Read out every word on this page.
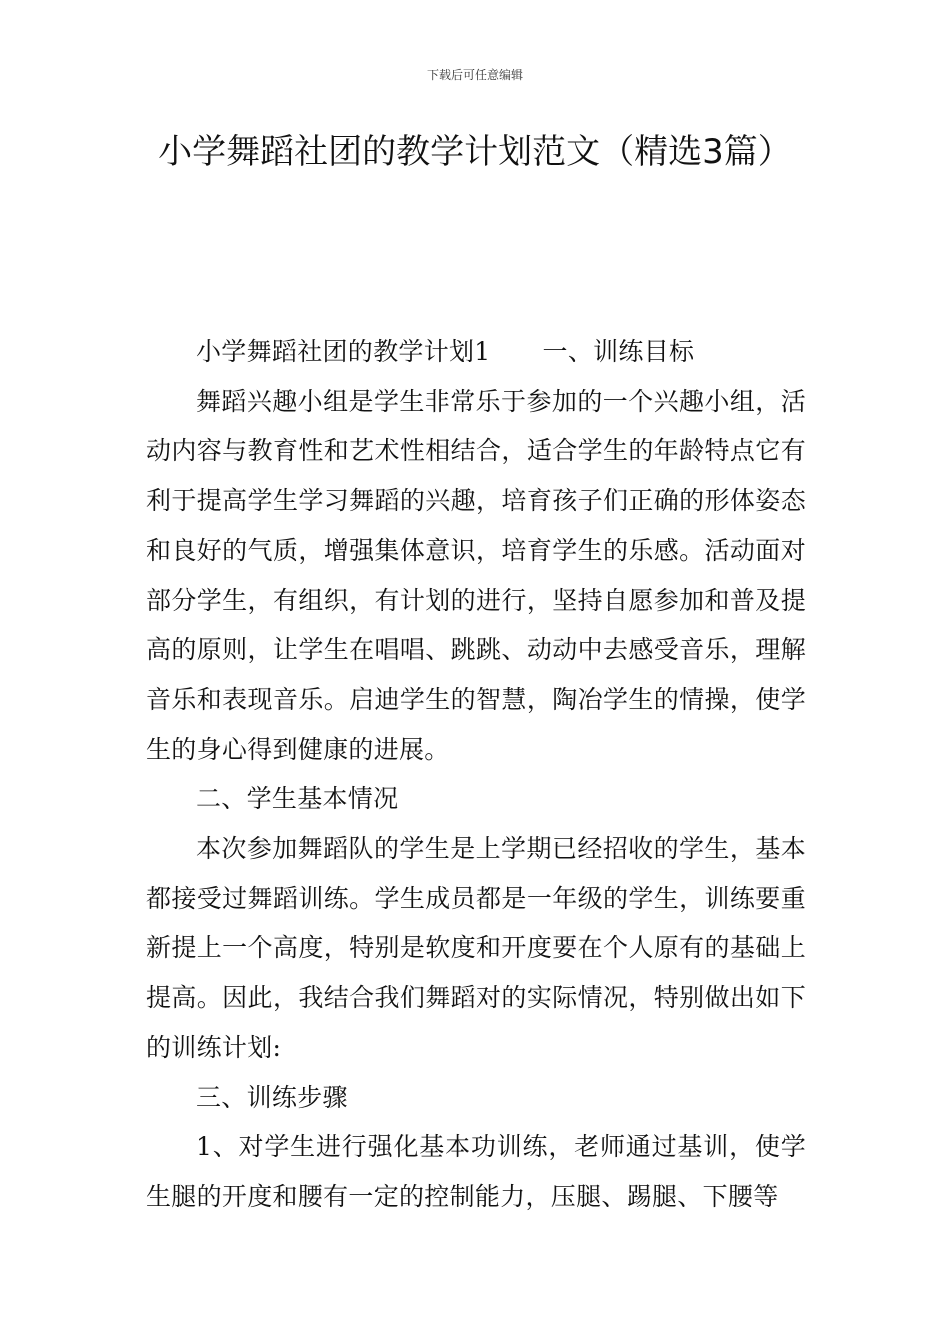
下载后可任意编辑
小学舞蹈社团的教学计划范文（精选3篇）

小学舞蹈社团的教学计划1 一、训练目标

舞蹈兴趣小组是学生非常乐于参加的一个兴趣小组，活动内容与教育性和艺术性相结合，适合学生的年龄特点它有利于提高学生学习舞蹈的兴趣，培育孩子们正确的形体姿态和良好的气质，增强集体意识，培育学生的乐感。活动面对部分学生，有组织，有计划的进行，坚持自愿参加和普及提高的原则，让学生在唱唱、跳跳、动动中去感受音乐，理解音乐和表现音乐。启迪学生的智慧，陶冶学生的情操，使学生的身心得到健康的进展。

二、学生基本情况

本次参加舞蹈队的学生是上学期已经招收的学生，基本都接受过舞蹈训练。学生成员都是一年级的学生，训练要重新提上一个高度，特别是软度和开度要在个人原有的基础上提高。因此，我结合我们舞蹈对的实际情况，特别做出如下的训练计划:

三、训练步骤

1、对学生进行强化基本功训练，老师通过基训，使学生腿的开度和腰有一定的控制能力，压腿、踢腿、下腰等
